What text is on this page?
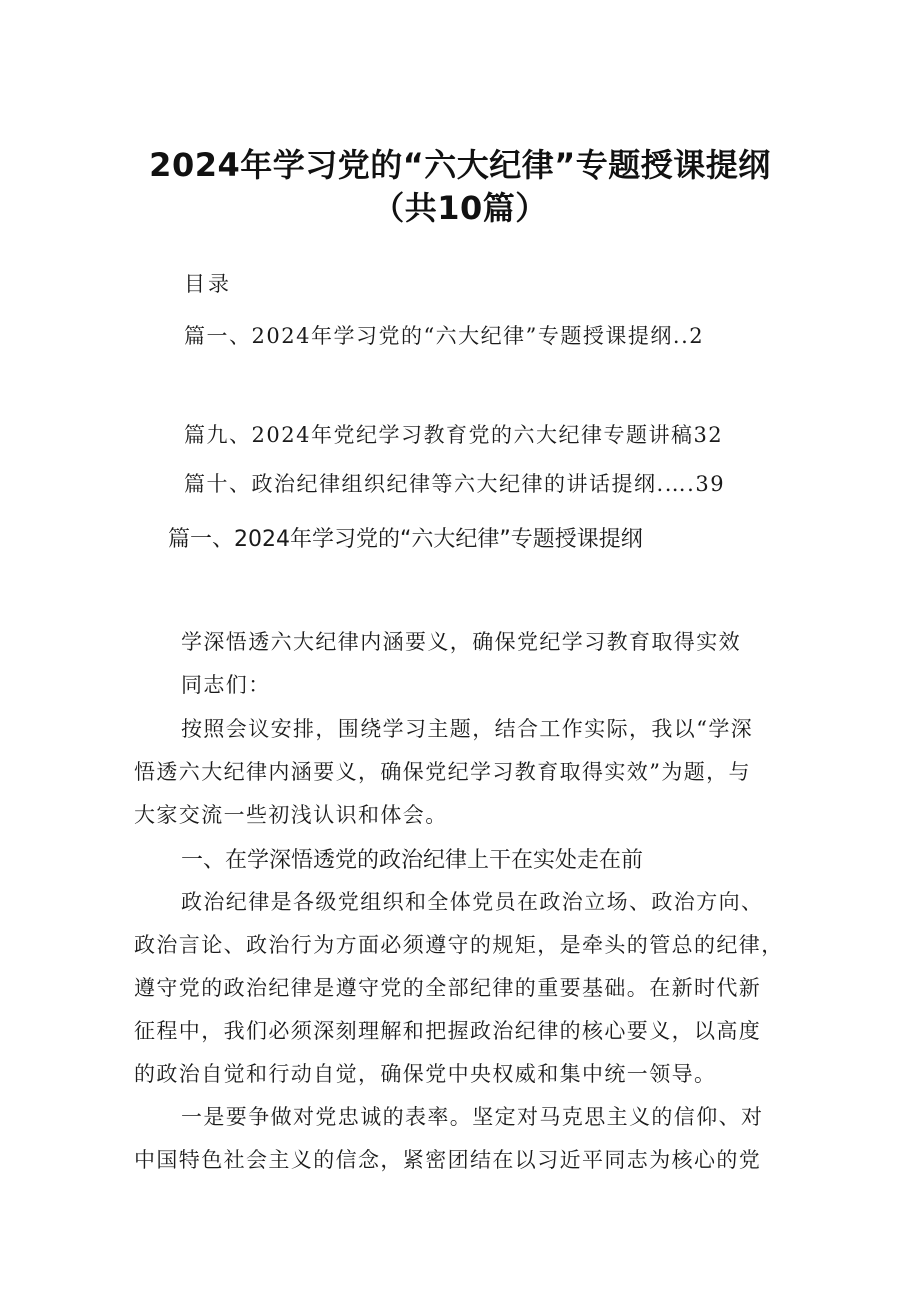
2024年学习党的“六大纪律”专题授课提纲
（共10篇）
目录
篇一、2024年学习党的“六大纪律”专题授课提纲..2
篇九、2024年党纪学习教育党的六大纪律专题讲稿32
篇十、政治纪律组织纪律等六大纪律的讲话提纲.….39
篇一、2024年学习党的“六大纪律”专题授课提纲
学深悟透六大纪律内涵要义，确保党纪学习教育取得实效
同志们：
按照会议安排，围绕学习主题，结合工作实际，我以“学深
悟透六大纪律内涵要义，确保党纪学习教育取得实效”为题，与
大家交流一些初浅认识和体会。
一、在学深悟透党的政治纪律上干在实处走在前
政治纪律是各级党组织和全体党员在政治立场、政治方向、
政治言论、政治行为方面必须遵守的规矩，是牵头的管总的纪律，
遵守党的政治纪律是遵守党的全部纪律的重要基础。在新时代新
征程中，我们必须深刻理解和把握政治纪律的核心要义，以高度
的政治自觉和行动自觉，确保党中央权威和集中统一领导。
一是要争做对党忠诚的表率。坚定对马克思主义的信仰、对
中国特色社会主义的信念，紧密团结在以习近平同志为核心的党
